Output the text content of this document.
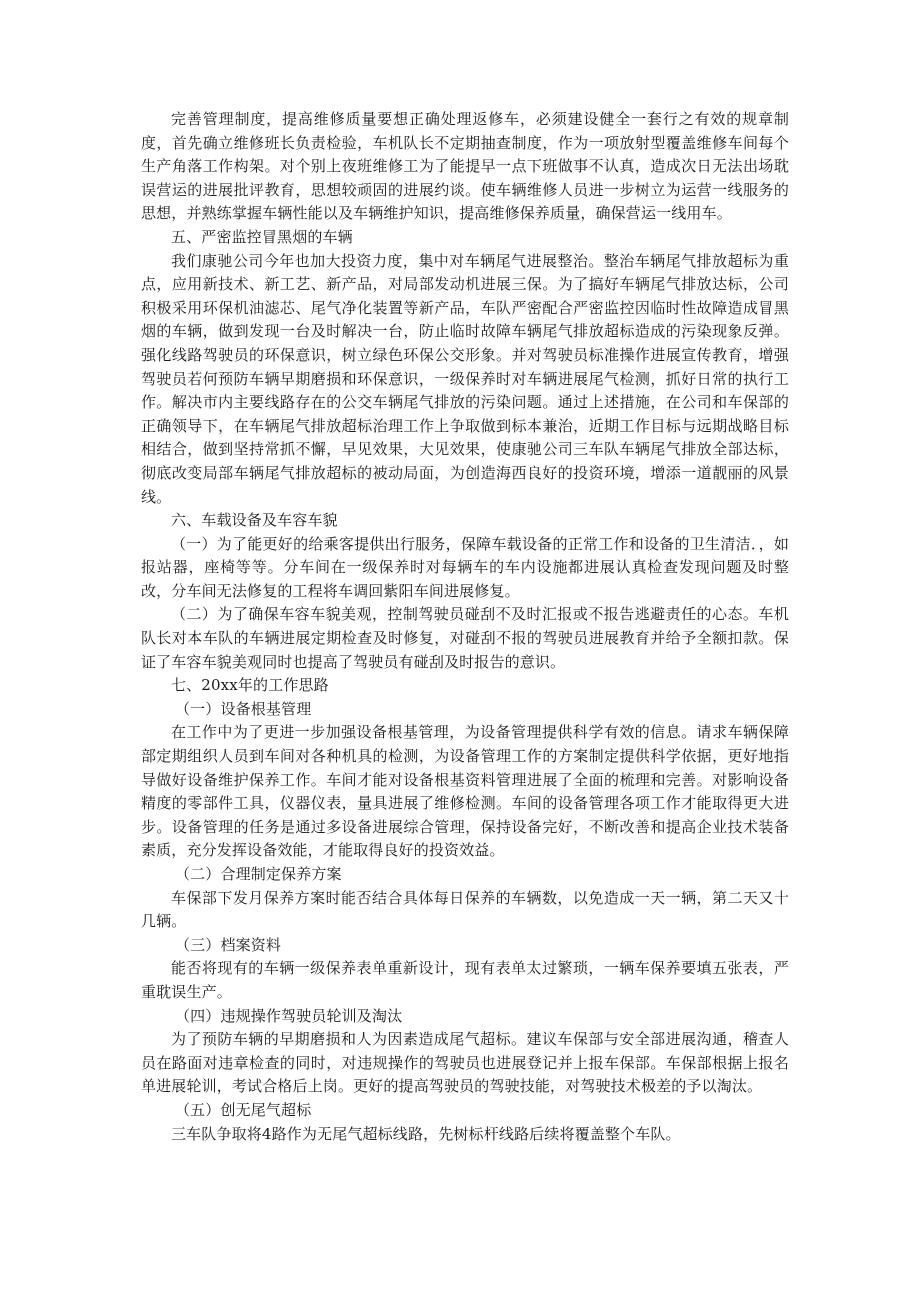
完善管理制度，提高维修质量要想正确处理返修车，必须建设健全一套行之有效的规章制度，首先确立维修班长负责检验，车机队长不定期抽查制度，作为一项放射型覆盖维修车间每个生产角落工作构架。对个别上夜班维修工为了能提早一点下班做事不认真，造成次日无法出场耽误营运的进展批评教育，思想较顽固的进展约谈。使车辆维修人员进一步树立为运营一线服务的思想，并熟练掌握车辆性能以及车辆维护知识，提高维修保养质量，确保营运一线用车。

五、严密监控冒黑烟的车辆

我们康驰公司今年也加大投资力度，集中对车辆尾气进展整治。整治车辆尾气排放超标为重点，应用新技术、新工艺、新产品，对局部发动机进展三保。为了搞好车辆尾气排放达标，公司积极采用环保机油滤芯、尾气净化装置等新产品，车队严密配合严密监控因临时性故障造成冒黑烟的车辆，做到发现一台及时解决一台，防止临时故障车辆尾气排放超标造成的污染现象反弹。强化线路驾驶员的环保意识，树立绿色环保公交形象。并对驾驶员标准操作进展宣传教育，增强驾驶员若何预防车辆早期磨损和环保意识，一级保养时对车辆进展尾气检测，抓好日常的执行工作。解决市内主要线路存在的公交车辆尾气排放的污染问题。通过上述措施，在公司和车保部的正确领导下，在车辆尾气排放超标治理工作上争取做到标本兼治，近期工作目标与远期战略目标相结合，做到坚持常抓不懈，早见效果，大见效果，使康驰公司三车队车辆尾气排放全部达标，彻底改变局部车辆尾气排放超标的被动局面，为创造海西良好的投资环境，增添一道靓丽的风景线。

六、车载设备及车容车貌

（一）为了能更好的给乘客提供出行服务，保障车载设备的正常工作和设备的卫生清洁．，如报站器，座椅等等。分车间在一级保养时对每辆车的车内设施都进展认真检查发现问题及时整改，分车间无法修复的工程将车调回紫阳车间进展修复。

（二）为了确保车容车貌美观，控制驾驶员碰刮不及时汇报或不报告逃避责任的心态。车机队长对本车队的车辆进展定期检查及时修复，对碰刮不报的驾驶员进展教育并给予全额扣款。保证了车容车貌美观同时也提高了驾驶员有碰刮及时报告的意识。

七、20xx年的工作思路

（一）设备根基管理

在工作中为了更进一步加强设备根基管理，为设备管理提供科学有效的信息。请求车辆保障部定期组织人员到车间对各种机具的检测，为设备管理工作的方案制定提供科学依据，更好地指导做好设备维护保养工作。车间才能对设备根基资料管理进展了全面的梳理和完善。对影响设备精度的零部件工具，仪器仪表，量具进展了维修检测。车间的设备管理各项工作才能取得更大进步。设备管理的任务是通过多设备进展综合管理，保持设备完好，不断改善和提高企业技术装备素质，充分发挥设备效能，才能取得良好的投资效益。

（二）合理制定保养方案

车保部下发月保养方案时能否结合具体每日保养的车辆数，以免造成一天一辆，第二天又十几辆。

（三）档案资料

能否将现有的车辆一级保养表单重新设计，现有表单太过繁琐，一辆车保养要填五张表，严重耽误生产。

（四）违规操作驾驶员轮训及淘汰

为了预防车辆的早期磨损和人为因素造成尾气超标。建议车保部与安全部进展沟通，稽查人员在路面对违章检查的同时，对违规操作的驾驶员也进展登记并上报车保部。车保部根据上报名单进展轮训，考试合格后上岗。更好的提高驾驶员的驾驶技能，对驾驶技术极差的予以淘汰。

（五）创无尾气超标

三车队争取将4路作为无尾气超标线路，先树标杆线路后续将覆盖整个车队。
